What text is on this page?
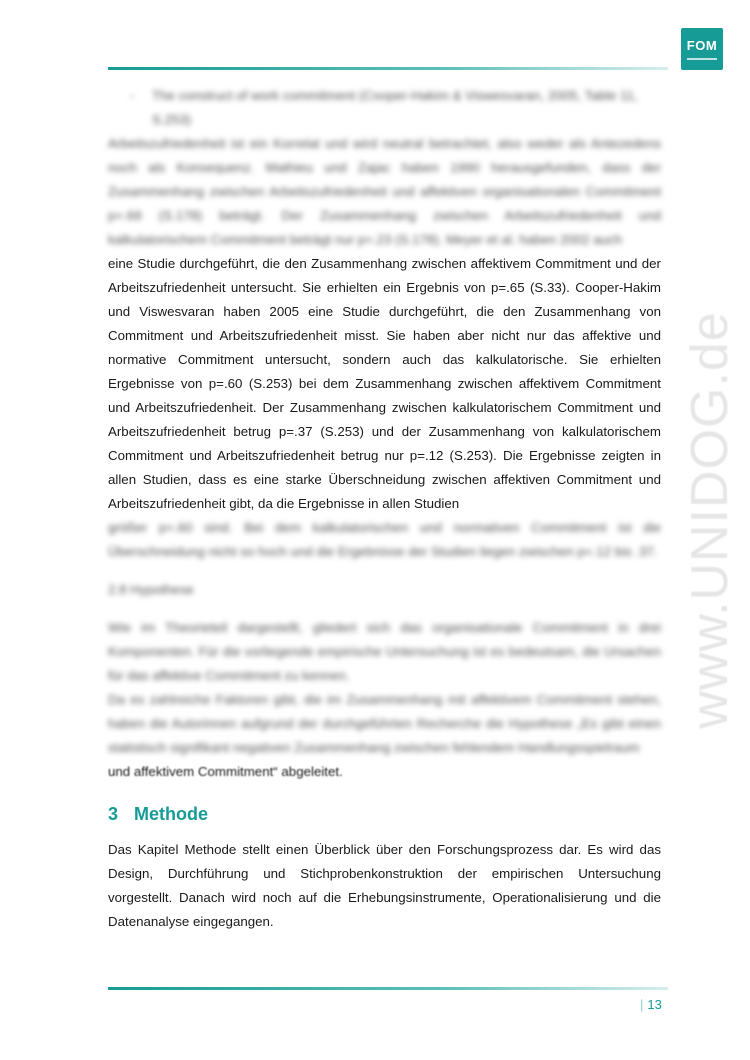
FOM
www.UNIDOG.de
-	The construct of work commitment (Cooper-Hakim & Viswesvaran, 2005, Table 11, S.253)

Arbeitszufriedenheit ist ein Korrelat und wird neutral betrachtet, also weder als Antezedens noch als Konsequenz. Mathieu und Zajac haben 1990 herausgefunden, dass der Zusammenhang zwischen Arbeitszufriedenheit und affektiven organisationalen Commitment p=.69 (S.178) beträgt. Der Zusammenhang zwischen Arbeitszufriedenheit und kalkulatorischem Commitment beträgt nur p=.23 (S.178). Meyer et al. haben 2002 auch

eine Studie durchgeführt, die den Zusammenhang zwischen affektivem Commitment und der Arbeitszufriedenheit untersucht. Sie erhielten ein Ergebnis von p=.65 (S.33). Cooper-Hakim und Viswesvaran haben 2005 eine Studie durchgeführt, die den Zusammenhang von Commitment und Arbeitszufriedenheit misst. Sie haben aber nicht nur das affektive und normative Commitment untersucht, sondern auch das kalkulatorische. Sie erhielten Ergebnisse von p=.60 (S.253) bei dem Zusammenhang zwischen affektivem Commitment und Arbeitszufriedenheit. Der Zusammenhang zwischen kalkulatorischem Commitment und Arbeitszufriedenheit betrug p=.37 (S.253) und der Zusammenhang von kalkulatorischem Commitment und Arbeitszufriedenheit betrug nur p=.12 (S.253). Die Ergebnisse zeigten in allen Studien, dass es eine starke Überschneidung zwischen affektiven Commitment und Arbeitszufriedenheit gibt, da die Ergebnisse in allen Studien

größer p=.60 sind. Bei dem kalkulatorischen und normativen Commitment ist die Überschneidung nicht so hoch und die Ergebnisse der Studien liegen zwischen p=.12 bis .37.

2.8 Hypothese

Wie im Theorieteil dargestellt, gliedert sich das organisationale Commitment in drei Komponenten. Für die vorliegende empirische Untersuchung ist es bedeutsam, die Ursachen für das affektive Commitment zu kennen.

Da es zahlreiche Faktoren gibt, die im Zusammenhang mit affektivem Commitment stehen, haben die Autorinnen aufgrund der durchgeführten Recherche die Hypothese „Es gibt einen statistisch signifikant negativen Zusammenhang zwischen fehlendem Handlungsspielraum

und affektivem Commitment“ abgeleitet.

3 Methode

Das Kapitel Methode stellt einen Überblick über den Forschungsprozess dar. Es wird das Design, Durchführung und Stichprobenkonstruktion der empirischen Untersuchung vorgestellt. Danach wird noch auf die Erhebungsinstrumente, Operationalisierung und die Datenanalyse eingegangen.

| 13
